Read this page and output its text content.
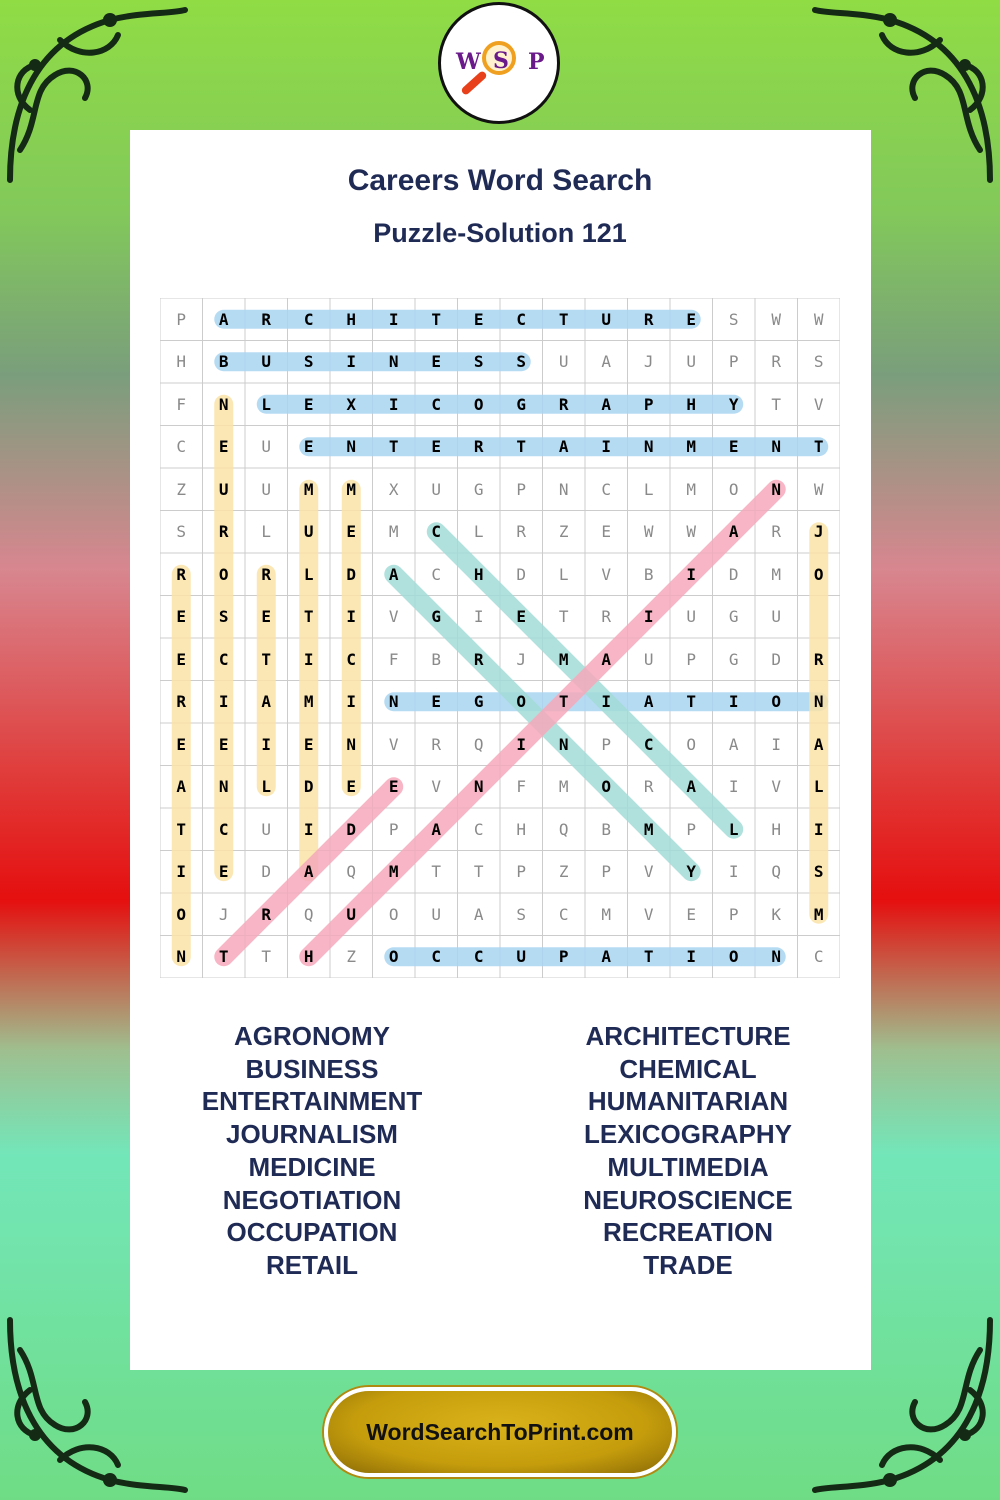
W S P
Careers Word Search
Puzzle-Solution 121
P	A	R	C	H	I	T	E	C	T	U	R	E	S	W	W
H	B	U	S	I	N	E	S	S	U	A	J	U	P	R	S
F	N	L	E	X	I	C	O	G	R	A	P	H	Y	T	V
C	E	U	E	N	T	E	R	T	A	I	N	M	E	N	T
Z	U	U	M	M	X	U	G	P	N	C	L	M	O	N	W
S	R	L	U	E	M	C	L	R	Z	E	W	W	A	R	J
R	O	R	L	D	A	C	H	D	L	V	B	I	D	M	O
E	S	E	T	I	V	G	I	E	T	R	I	U	G	U
E	C	T	I	C	F	B	R	J	M	A	U	P	G	D	R
R	I	A	M	I	N	E	G	O	T	I	A	T	I	O	N
E	E	I	E	N	V	R	Q	I	N	P	C	O	A	I	A
A	N	L	D	E	E	V	N	F	M	O	R	A	I	V	L
T	C	U	I	D	P	A	C	H	Q	B	M	P	L	H	I
I	E	D	A	Q	M	T	T	P	Z	P	V	Y	I	Q	S
O	J	R	Q	U	O	U	A	S	C	M	V	E	P	K	M
N	T	T	H	Z	O	C	C	U	P	A	T	I	O	N	C
AGRONOMY
BUSINESS
ENTERTAINMENT
JOURNALISM
MEDICINE
NEGOTIATION
OCCUPATION
RETAIL
ARCHITECTURE
CHEMICAL
HUMANITARIAN
LEXICOGRAPHY
MULTIMEDIA
NEUROSCIENCE
RECREATION
TRADE
WordSearchToPrint.com
